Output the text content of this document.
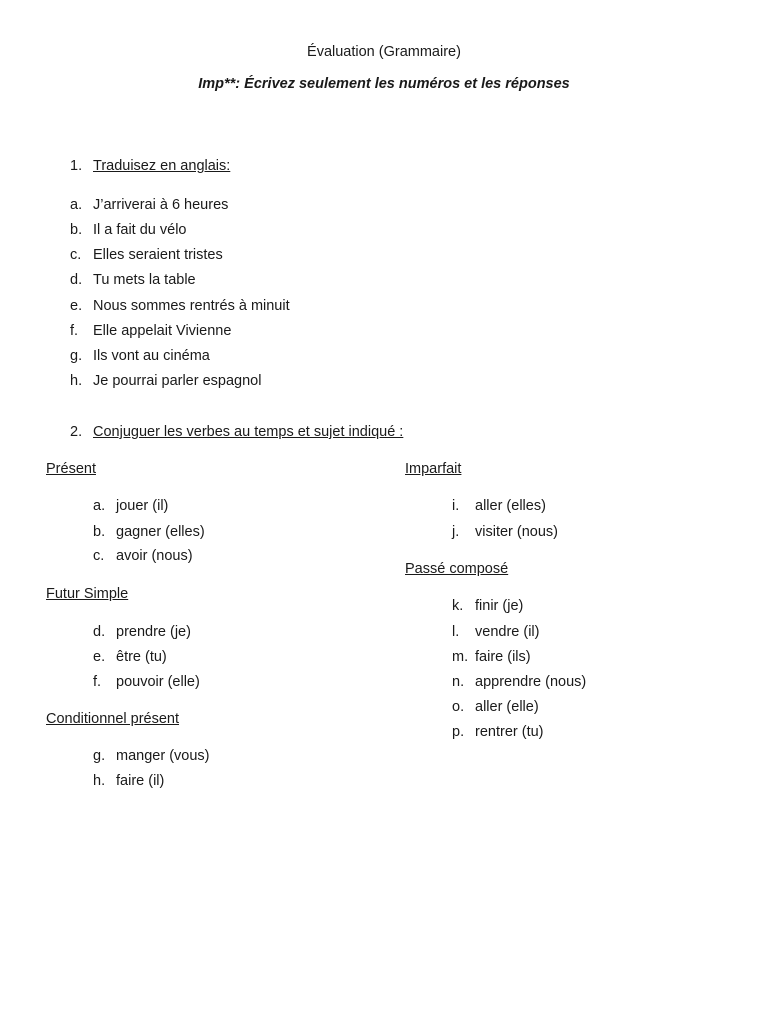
Évaluation (Grammaire)
Imp**: Écrivez seulement les numéros et les réponses
1. Traduisez en anglais:
a. J’arriverai à 6 heures
b. Il a fait du vélo
c. Elles seraient tristes
d. Tu mets la table
e. Nous sommes rentrés à minuit
f. Elle appelait Vivienne
g. Ils vont au cinéma
h. Je pourrai parler espagnol
2. Conjuguer les verbes au temps et sujet indiqué :
Présent
a. jouer (il)
b. gagner (elles)
c. avoir (nous)
Futur Simple
d. prendre (je)
e. être (tu)
f. pouvoir (elle)
Conditionnel présent
g. manger (vous)
h. faire (il)
Imparfait
i. aller (elles)
j. visiter (nous)
Passé composé
k. finir (je)
l. vendre (il)
m. faire (ils)
n. apprendre (nous)
o. aller (elle)
p. rentrer (tu)
